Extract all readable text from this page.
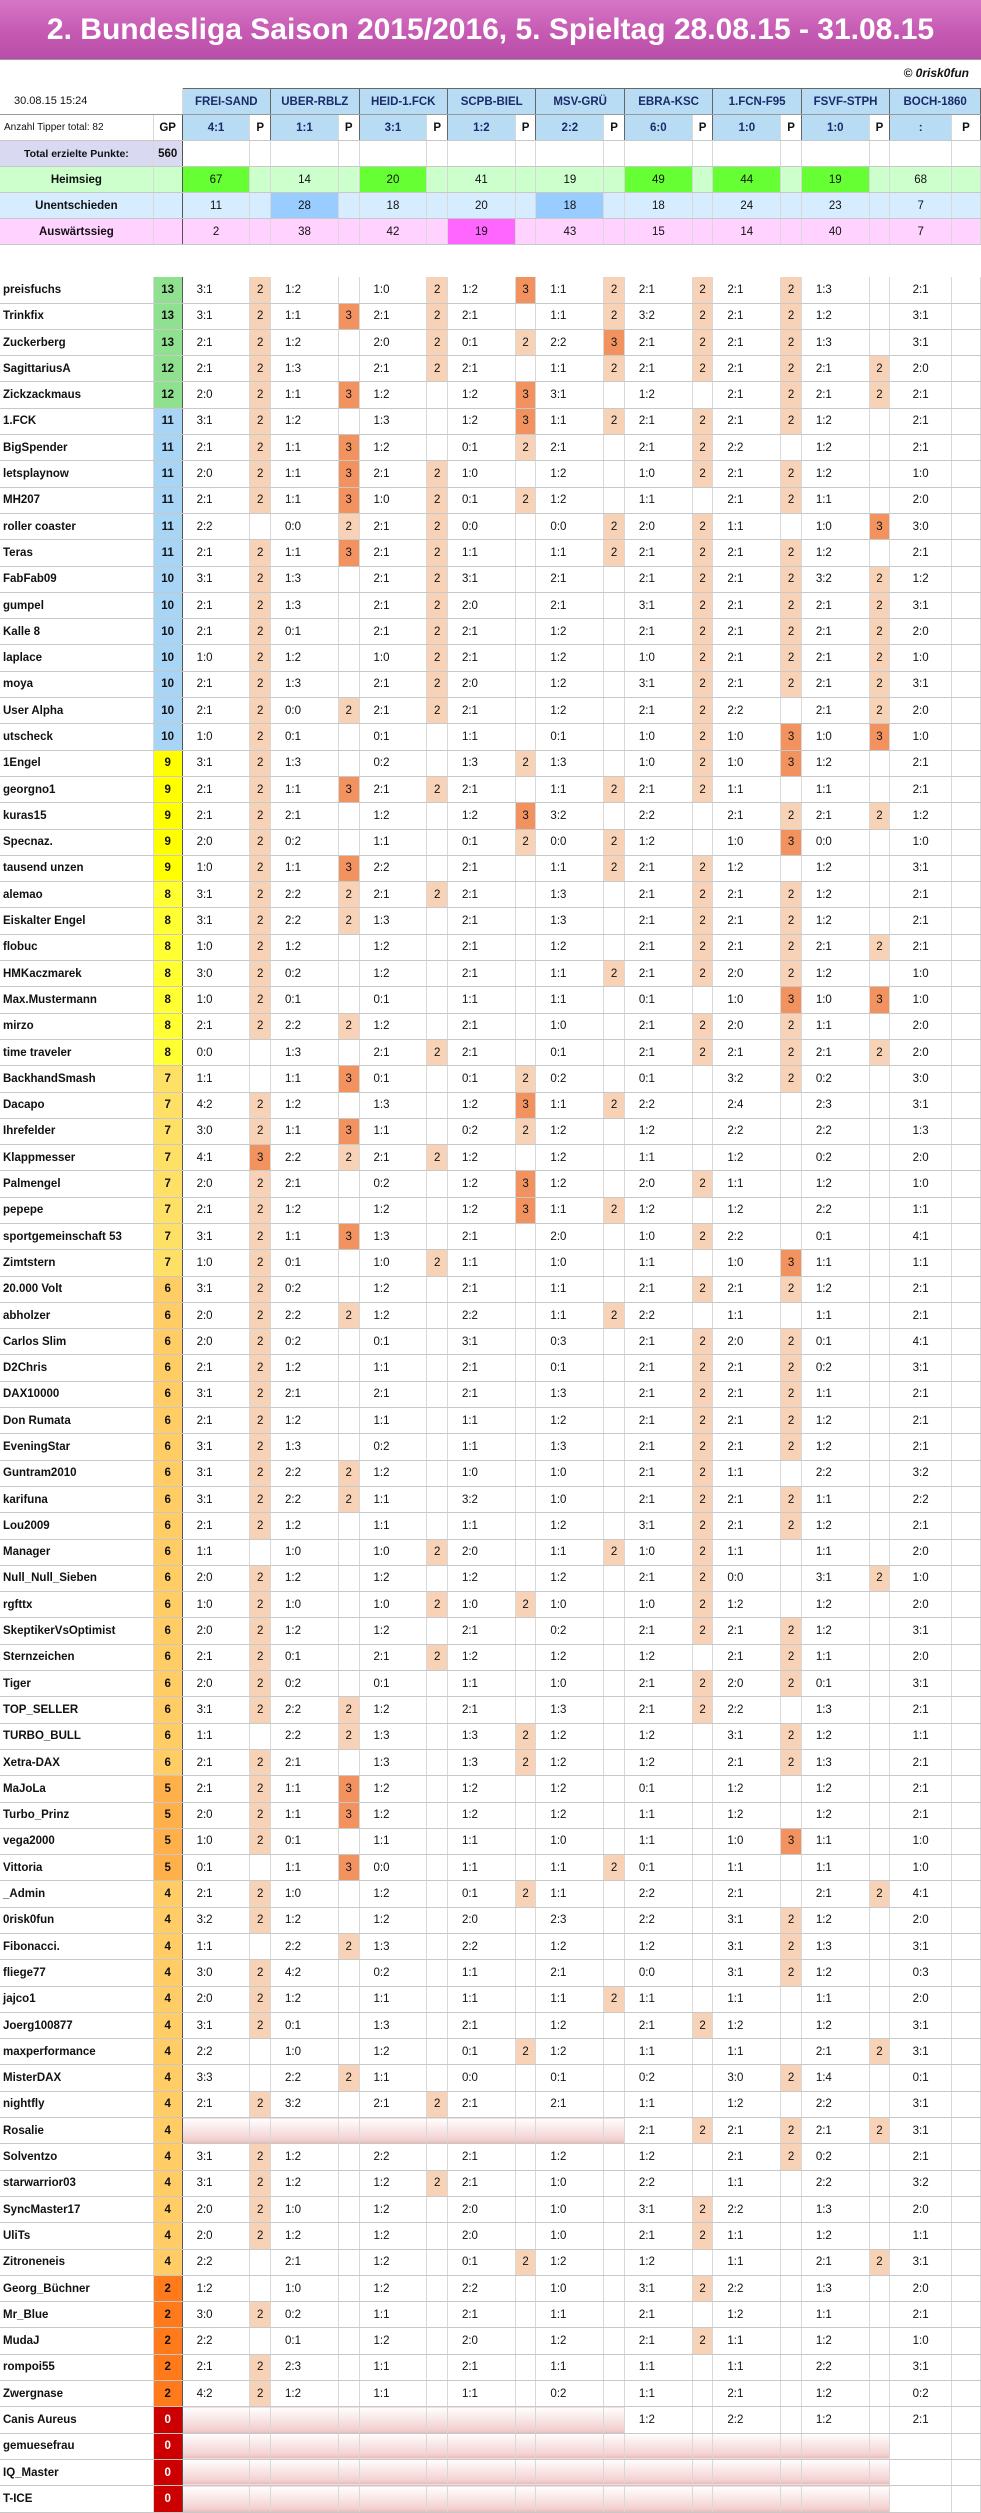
2. Bundesliga Saison 2015/2016, 5. Spieltag 28.08.15 - 31.08.15
© 0risk0fun
30.08.15 15:24		FREI-SAND		UBER-RBLZ		HEID-1.FCK		SCPB-BIEL		MSV-GRÜ		EBRA-KSC		1.FCN-F95		FSVF-STPH		BOCH-1860	
Anzahl Tipper total: 82	GP	4:1	P	1:1	P	3:1	P	1:2	P	2:2	P	6:0	P	1:0	P	1:0	P	:	P
Total erzielte Punkte:	560																		
Heimsieg		67		14		20		41		19		49		44		19		68	
Unentschieden		11		28		18		20		18		18		24		23		7	
Auswärtssieg		2		38		42		19		43		15		14		40		7	

preisfuchs	13	3:1	2	1:2		1:0	2	1:2	3	1:1	2	2:1	2	2:1	2	1:3		2:1	
Trinkfix	13	3:1	2	1:1	3	2:1	2	2:1		1:1	2	3:2	2	2:1	2	1:2		3:1	
Zuckerberg	13	2:1	2	1:2		2:0	2	0:1	2	2:2	3	2:1	2	2:1	2	1:3		3:1	
SagittariusA	12	2:1	2	1:3		2:1	2	2:1		1:1	2	2:1	2	2:1	2	2:1	2	2:0	
Zickzackmaus	12	2:0	2	1:1	3	1:2		1:2	3	3:1		1:2		2:1	2	2:1	2	2:1	
1.FCK	11	3:1	2	1:2		1:3		1:2	3	1:1	2	2:1	2	2:1	2	1:2		2:1	
BigSpender	11	2:1	2	1:1	3	1:2		0:1	2	2:1		2:1	2	2:2		1:2		2:1	
letsplaynow	11	2:0	2	1:1	3	2:1	2	1:0		1:2		1:0	2	2:1	2	1:2		1:0	
MH207	11	2:1	2	1:1	3	1:0	2	0:1	2	1:2		1:1		2:1	2	1:1		2:0	
roller coaster	11	2:2		0:0	2	2:1	2	0:0		0:0	2	2:0	2	1:1		1:0	3	3:0	
Teras	11	2:1	2	1:1	3	2:1	2	1:1		1:1	2	2:1	2	2:1	2	1:2		2:1	
FabFab09	10	3:1	2	1:3		2:1	2	3:1		2:1		2:1	2	2:1	2	3:2	2	1:2	
gumpel	10	2:1	2	1:3		2:1	2	2:0		2:1		3:1	2	2:1	2	2:1	2	3:1	
Kalle 8	10	2:1	2	0:1		2:1	2	2:1		1:2		2:1	2	2:1	2	2:1	2	2:0	
laplace	10	1:0	2	1:2		1:0	2	2:1		1:2		1:0	2	2:1	2	2:1	2	1:0	
moya	10	2:1	2	1:3		2:1	2	2:0		1:2		3:1	2	2:1	2	2:1	2	3:1	
User Alpha	10	2:1	2	0:0	2	2:1	2	2:1		1:2		2:1	2	2:2		2:1	2	2:0	
utscheck	10	1:0	2	0:1		0:1		1:1		0:1		1:0	2	1:0	3	1:0	3	1:0	
1Engel	9	3:1	2	1:3		0:2		1:3	2	1:3		1:0	2	1:0	3	1:2		2:1	
georgno1	9	2:1	2	1:1	3	2:1	2	2:1		1:1	2	2:1	2	1:1		1:1		2:1	
kuras15	9	2:1	2	2:1		1:2		1:2	3	3:2		2:2		2:1	2	2:1	2	1:2	
Specnaz.	9	2:0	2	0:2		1:1		0:1	2	0:0	2	1:2		1:0	3	0:0		1:0	
tausend unzen	9	1:0	2	1:1	3	2:2		2:1		1:1	2	2:1	2	1:2		1:2		3:1	
alemao	8	3:1	2	2:2	2	2:1	2	2:1		1:3		2:1	2	2:1	2	1:2		2:1	
Eiskalter Engel	8	3:1	2	2:2	2	1:3		2:1		1:3		2:1	2	2:1	2	1:2		2:1	
flobuc	8	1:0	2	1:2		1:2		2:1		1:2		2:1	2	2:1	2	2:1	2	2:1	
HMKaczmarek	8	3:0	2	0:2		1:2		2:1		1:1	2	2:1	2	2:0	2	1:2		1:0	
Max.Mustermann	8	1:0	2	0:1		0:1		1:1		1:1		0:1		1:0	3	1:0	3	1:0	
mirzo	8	2:1	2	2:2	2	1:2		2:1		1:0		2:1	2	2:0	2	1:1		2:0	
time traveler	8	0:0		1:3		2:1	2	2:1		0:1		2:1	2	2:1	2	2:1	2	2:0	
BackhandSmash	7	1:1		1:1	3	0:1		0:1	2	0:2		0:1		3:2	2	0:2		3:0	
Dacapo	7	4:2	2	1:2		1:3		1:2	3	1:1	2	2:2		2:4		2:3		3:1	
Ihrefelder	7	3:0	2	1:1	3	1:1		0:2	2	1:2		1:2		2:2		2:2		1:3	
Klappmesser	7	4:1	3	2:2	2	2:1	2	1:2		1:2		1:1		1:2		0:2		2:0	
Palmengel	7	2:0	2	2:1		0:2		1:2	3	1:2		2:0	2	1:1		1:2		1:0	
pepepe	7	2:1	2	1:2		1:2		1:2	3	1:1	2	1:2		1:2		2:2		1:1	
sportgemeinschaft 53	7	3:1	2	1:1	3	1:3		2:1		2:0		1:0	2	2:2		0:1		4:1	
Zimtstern	7	1:0	2	0:1		1:0	2	1:1		1:0		1:1		1:0	3	1:1		1:1	
20.000 Volt	6	3:1	2	0:2		1:2		2:1		1:1		2:1	2	2:1	2	1:2		2:1	
abholzer	6	2:0	2	2:2	2	1:2		2:2		1:1	2	2:2		1:1		1:1		2:1	
Carlos Slim	6	2:0	2	0:2		0:1		3:1		0:3		2:1	2	2:0	2	0:1		4:1	
D2Chris	6	2:1	2	1:2		1:1		2:1		0:1		2:1	2	2:1	2	0:2		3:1	
DAX10000	6	3:1	2	2:1		2:1		2:1		1:3		2:1	2	2:1	2	1:1		2:1	
Don Rumata	6	2:1	2	1:2		1:1		1:1		1:2		2:1	2	2:1	2	1:2		2:1	
EveningStar	6	3:1	2	1:3		0:2		1:1		1:3		2:1	2	2:1	2	1:2		2:1	
Guntram2010	6	3:1	2	2:2	2	1:2		1:0		1:0		2:1	2	1:1		2:2		3:2	
karifuna	6	3:1	2	2:2	2	1:1		3:2		1:0		2:1	2	2:1	2	1:1		2:2	
Lou2009	6	2:1	2	1:2		1:1		1:1		1:2		3:1	2	2:1	2	1:2		2:1	
Manager	6	1:1		1:0		1:0	2	2:0		1:1	2	1:0	2	1:1		1:1		2:0	
Null_Null_Sieben	6	2:0	2	1:2		1:2		1:2		1:2		2:1	2	0:0		3:1	2	1:0	
rgfttx	6	1:0	2	1:0		1:0	2	1:0	2	1:0		1:0	2	1:2		1:2		2:0	
SkeptikerVsOptimist	6	2:0	2	1:2		1:2		2:1		0:2		2:1	2	2:1	2	1:2		3:1	
Sternzeichen	6	2:1	2	0:1		2:1	2	1:2		1:2		1:2		2:1	2	1:1		2:0	
Tiger	6	2:0	2	0:2		0:1		1:1		1:0		2:1	2	2:0	2	0:1		3:1	
TOP_SELLER	6	3:1	2	2:2	2	1:2		2:1		1:3		2:1	2	2:2		1:3		2:1	
TURBO_BULL	6	1:1		2:2	2	1:3		1:3	2	1:2		1:2		3:1	2	1:2		1:1	
Xetra-DAX	6	2:1	2	2:1		1:3		1:3	2	1:2		1:2		2:1	2	1:3		2:1	
MaJoLa	5	2:1	2	1:1	3	1:2		1:2		1:2		0:1		1:2		1:2		2:1	
Turbo_Prinz	5	2:0	2	1:1	3	1:2		1:2		1:2		1:1		1:2		1:2		2:1	
vega2000	5	1:0	2	0:1		1:1		1:1		1:0		1:1		1:0	3	1:1		1:0	
Vittoria	5	0:1		1:1	3	0:0		1:1		1:1	2	0:1		1:1		1:1		1:0	
_Admin	4	2:1	2	1:0		1:2		0:1	2	1:1		2:2		2:1		2:1	2	4:1	
0risk0fun	4	3:2	2	1:2		1:2		2:0		2:3		2:2		3:1	2	1:2		2:0	
Fibonacci.	4	1:1		2:2	2	1:3		2:2		1:2		1:2		3:1	2	1:3		3:1	
fliege77	4	3:0	2	4:2		0:2		1:1		2:1		0:0		3:1	2	1:2		0:3	
jajco1	4	2:0	2	1:2		1:1		1:1		1:1	2	1:1		1:1		1:1		2:0	
Joerg100877	4	3:1	2	0:1		1:3		2:1		1:2		2:1	2	1:2		1:2		3:1	
maxperformance	4	2:2		1:0		1:2		0:1	2	1:2		1:1		1:1		2:1	2	3:1	
MisterDAX	4	3:3		2:2	2	1:1		0:0		0:1		0:2		3:0	2	1:4		0:1	
nightfly	4	2:1	2	3:2		2:1	2	2:1		2:1		1:1		1:2		2:2		3:1	
Rosalie	4											2:1	2	2:1	2	2:1	2	3:1	
Solventzo	4	3:1	2	1:2		2:2		2:1		1:2		1:2		2:1	2	0:2		2:1	
starwarrior03	4	3:1	2	1:2		1:2	2	2:1		1:0		2:2		1:1		2:2		3:2	
SyncMaster17	4	2:0	2	1:0		1:2		2:0		1:0		3:1	2	2:2		1:3		2:0	
UliTs	4	2:0	2	1:2		1:2		2:0		1:0		2:1	2	1:1		1:2		1:1	
Zitroneneis	4	2:2		2:1		1:2		0:1	2	1:2		1:2		1:1		2:1	2	3:1	
Georg_Büchner	2	1:2		1:0		1:2		2:2		1:0		3:1	2	2:2		1:3		2:0	
Mr_Blue	2	3:0	2	0:2		1:1		2:1		1:1		2:1		1:2		1:1		2:1	
MudaJ	2	2:2		0:1		1:2		2:0		1:2		2:1	2	1:1		1:2		1:0	
rompoi55	2	2:1	2	2:3		1:1		2:1		1:1		1:1		1:1		2:2		3:1	
Zwergnase	2	4:2	2	1:2		1:1		1:1		0:2		1:1		2:1		1:2		0:2	
Canis Aureus	0											1:2		2:2		1:2		2:1	
gemuesefrau	0																		
IQ_Master	0																		
T-ICE	0																		
